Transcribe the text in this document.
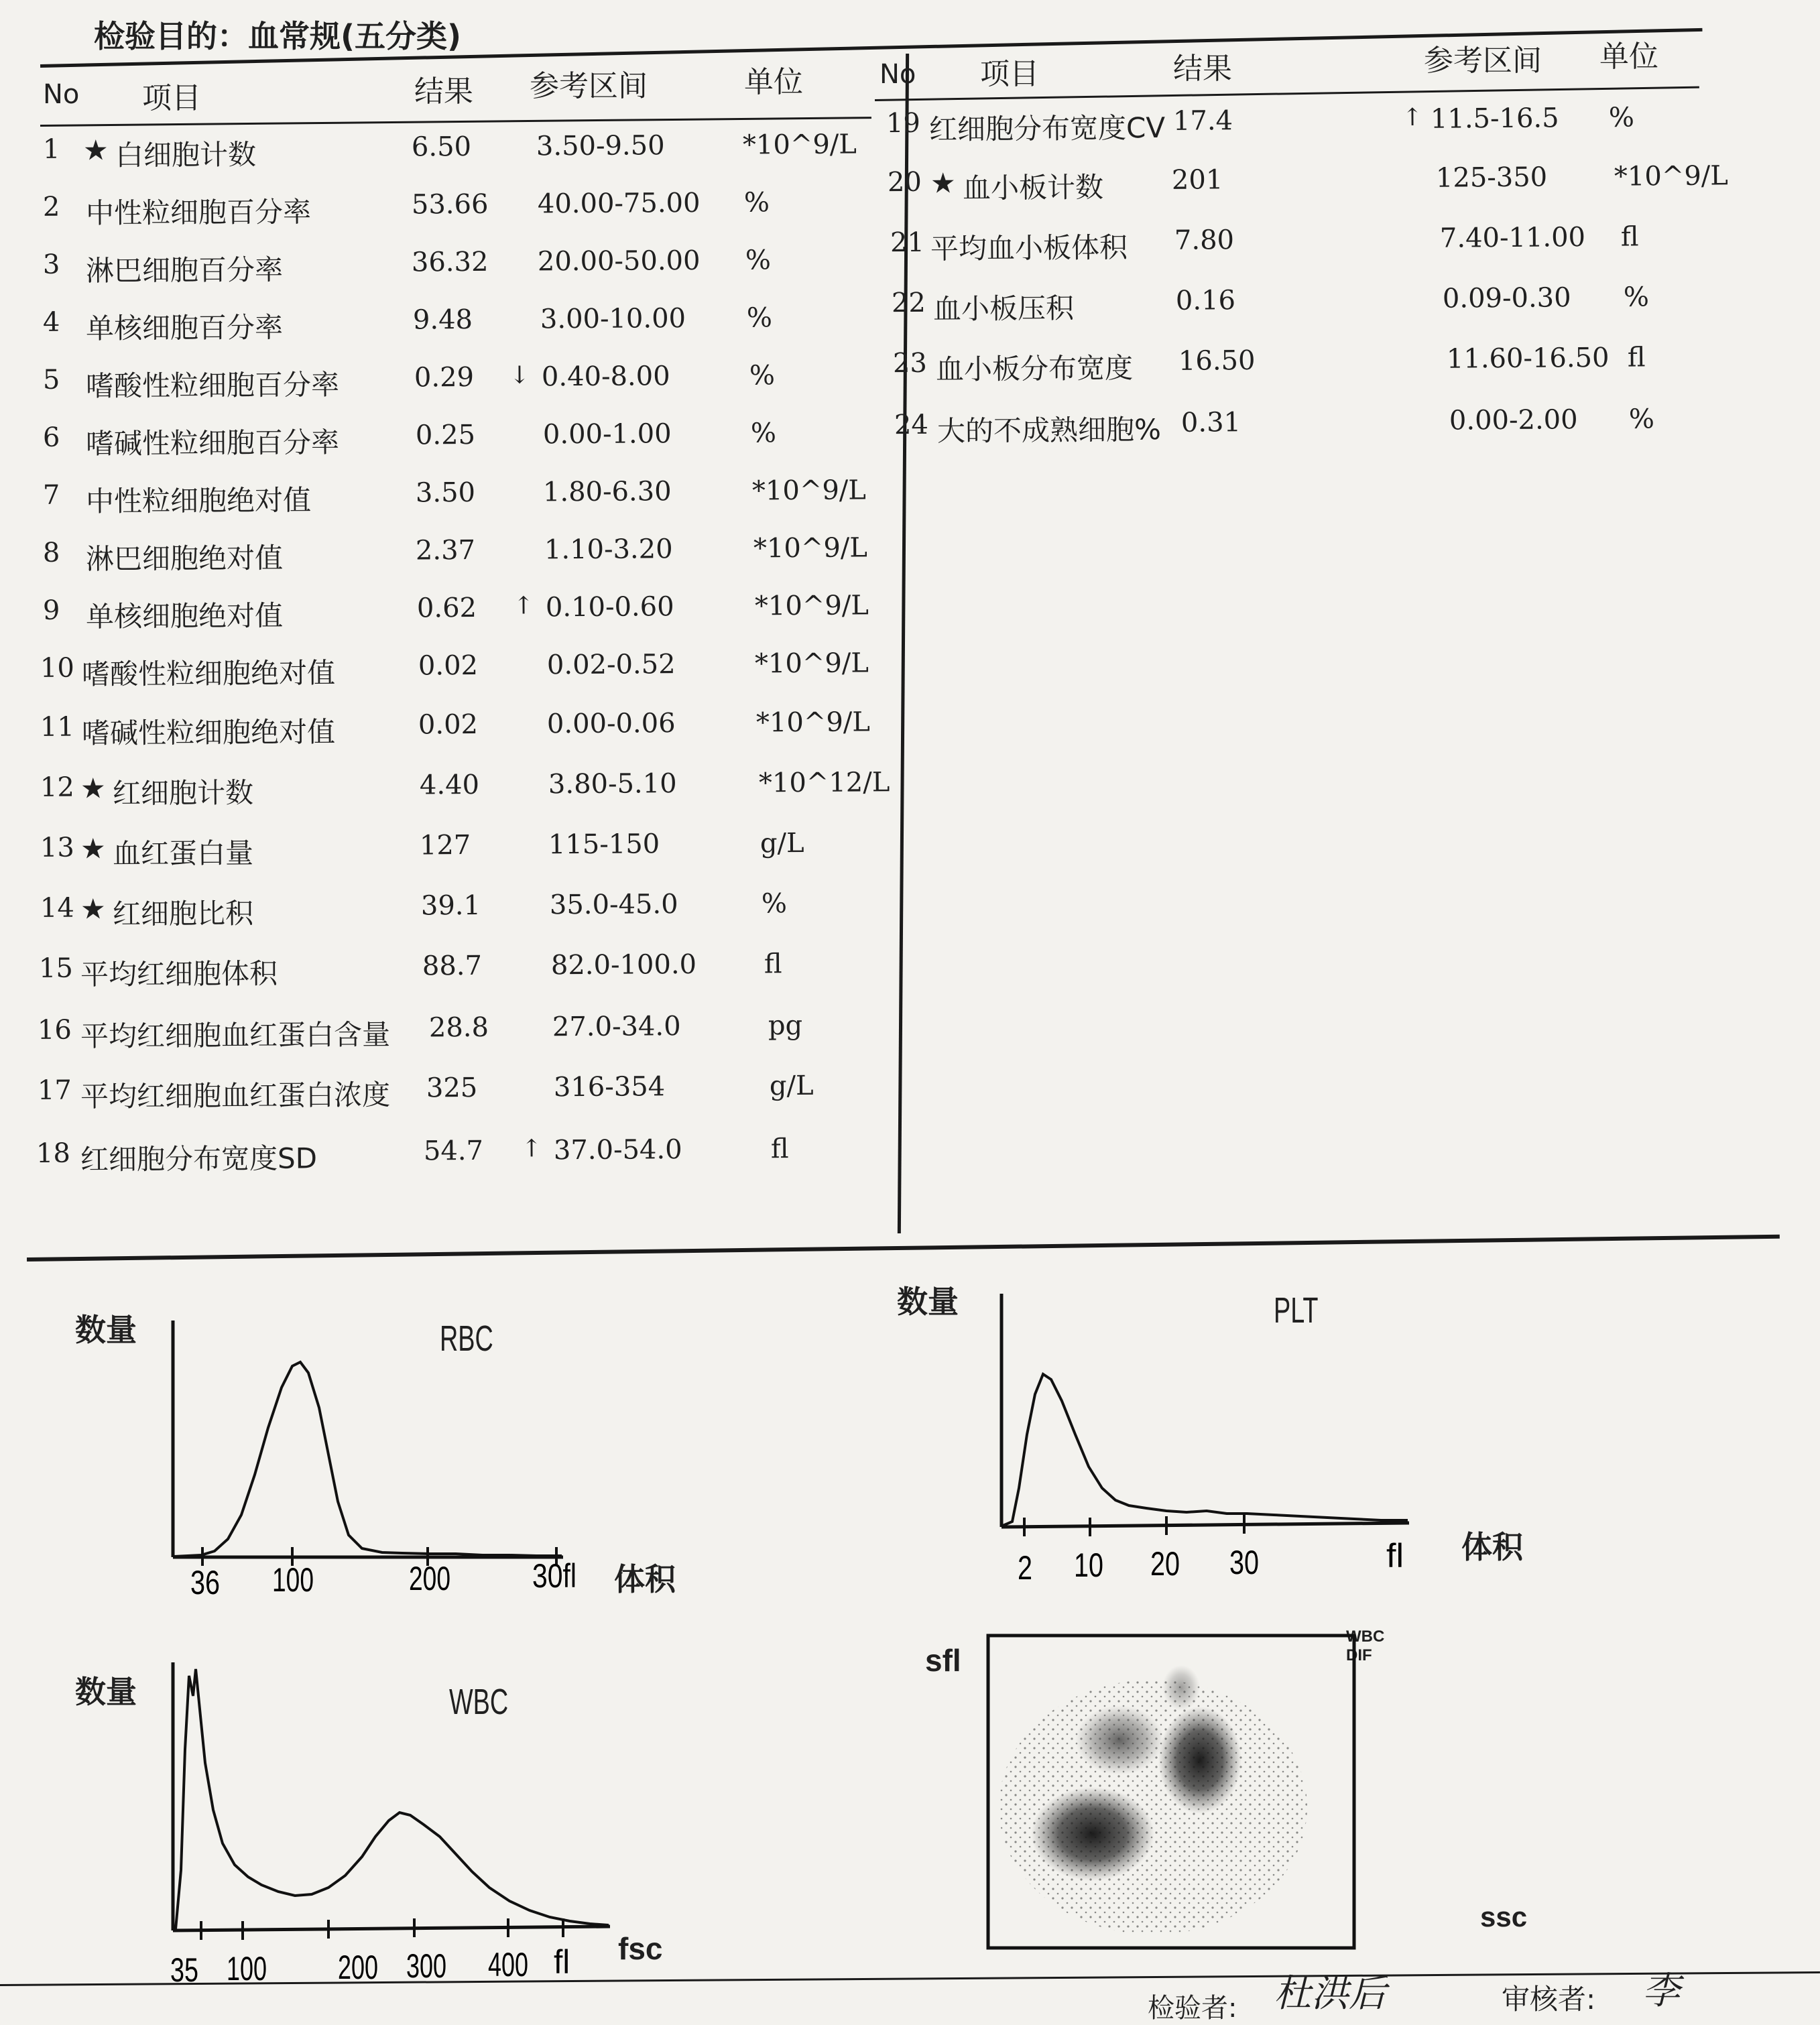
检验目的：血常规(五分类)
No 项目	结果 参考区间	单位	No 项目	结果	参考区间 单位
1 ★ 白细胞计数	6.50 3.50-9.50	*10^9/L
2 中性粒细胞百分率	53.66 40.00-75.00 %
3 淋巴细胞百分率	36.32 20.00-50.00 %
4 单核细胞百分率	9.48	3.00-10.00 %
5 嗜酸性粒细胞百分率	0.29 ↓ 0.40-8.00	%
6 嗜碱性粒细胞百分率	0.25	0.00-1.00	%
7 中性粒细胞绝对值	3.50	1.80-6.30	*10^9/L
8 淋巴细胞绝对值	2.37	1.10-3.20	*10^9/L
9 单核细胞绝对值	0.62 ↑ 0.10-0.60	*10^9/L
10 嗜酸性粒细胞绝对值	0.02	0.02-0.52	*10^9/L
11 嗜碱性粒细胞绝对值	0.02	0.00-0.06	*10^9/L
12 ★ 红细胞计数	4.40	3.80-5.10	*10^12/L
13 ★ 血红蛋白量	127	115-150	g/L
14 ★ 红细胞比积	39.1	35.0-45.0	%
15 平均红细胞体积	88.7	82.0-100.0	fl
16 平均红细胞血红蛋白含量 28.8 27.0-34.0	pg
17 平均红细胞血红蛋白浓度 325	316-354	g/L
18 红细胞分布宽度SD	54.7 ↑ 37.0-54.0	fl
19 红细胞分布宽度CV 17.4	↑ 11.5-16.5 %
20 ★ 血小板计数	201	125-350 *10^9/L
21 平均血小板体积 7.80	7.40-11.00 fl
22 血小板压积	0.16	0.09-0.30 %
23 血小板分布宽度 16.50	11.60-16.50 fl
24 大的不成熟细胞% 0.31	0.00-2.00 %
数量	RBC
36 100	200 30fl 体积
数量	PLT
2 10 20 30	fl 体积
数量	WBC
35 100 200 300 400 fl fsc
sfl
WBC
DIF
ssc
检验者: 杜洪后	审核者: 李
